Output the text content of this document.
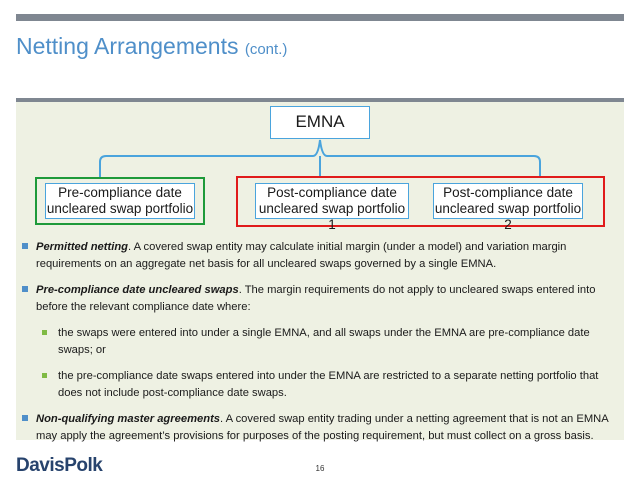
Netting Arrangements (cont.)
EMNA
Pre-compliance date
uncleared swap portfolio
Post-compliance date
uncleared swap portfolio 1
Post-compliance date
uncleared swap portfolio 2
Permitted netting. A covered swap entity may calculate initial margin (under a model) and variation margin requirements on an aggregate net basis for all uncleared swaps governed by a single EMNA.
Pre-compliance date uncleared swaps. The margin requirements do not apply to uncleared swaps entered into before the relevant compliance date where:
the swaps were entered into under a single EMNA, and all swaps under the EMNA are pre-compliance date swaps; or
the pre-compliance date swaps entered into under the EMNA are restricted to a separate netting portfolio that does not include post-compliance date swaps.
Non-qualifying master agreements. A covered swap entity trading under a netting agreement that is not an EMNA may apply the agreement’s provisions for purposes of the posting requirement, but must collect on a gross basis.
DavisPolk	16
